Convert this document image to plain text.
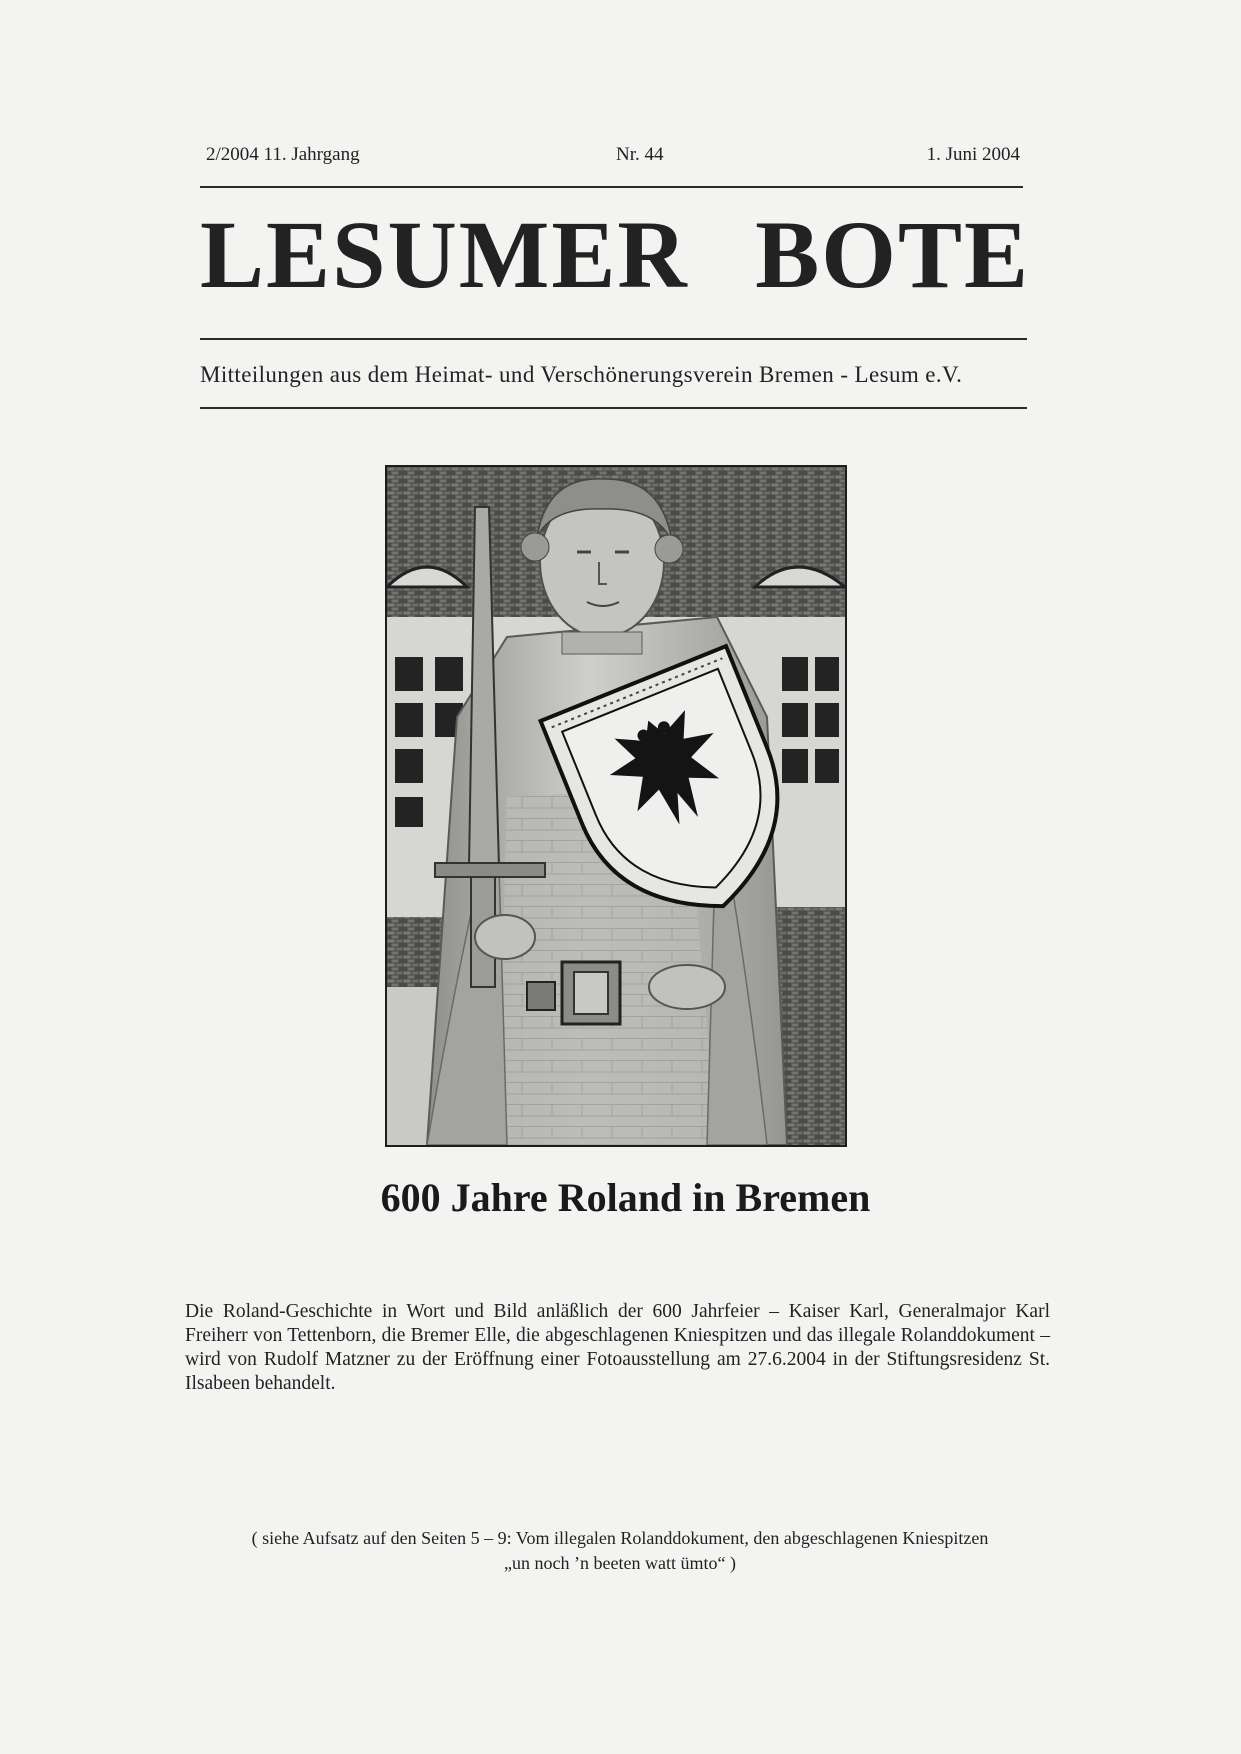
2/2004 11. Jahrgang	Nr. 44	1. Juni 2004
LESUMER BOTE
Mitteilungen aus dem Heimat- und Verschönerungsverein Bremen - Lesum e.V.
600 Jahre Roland in Bremen
Die Roland-Geschichte in Wort und Bild anläßlich der 600 Jahrfeier – Kaiser Karl, Generalmajor Karl Freiherr von Tettenborn, die Bremer Elle, die abgeschlagenen Kniespitzen und das illegale Rolanddokument – wird von Rudolf Matzner zu der Eröffnung einer Fotoausstellung am 27.6.2004 in der Stiftungsresidenz St. Ilsabeen behandelt.
( siehe Aufsatz auf den Seiten 5 – 9: Vom illegalen Rolanddokument, den abgeschlagenen Kniespitzen
„un noch ’n beeten watt ümto“ )
